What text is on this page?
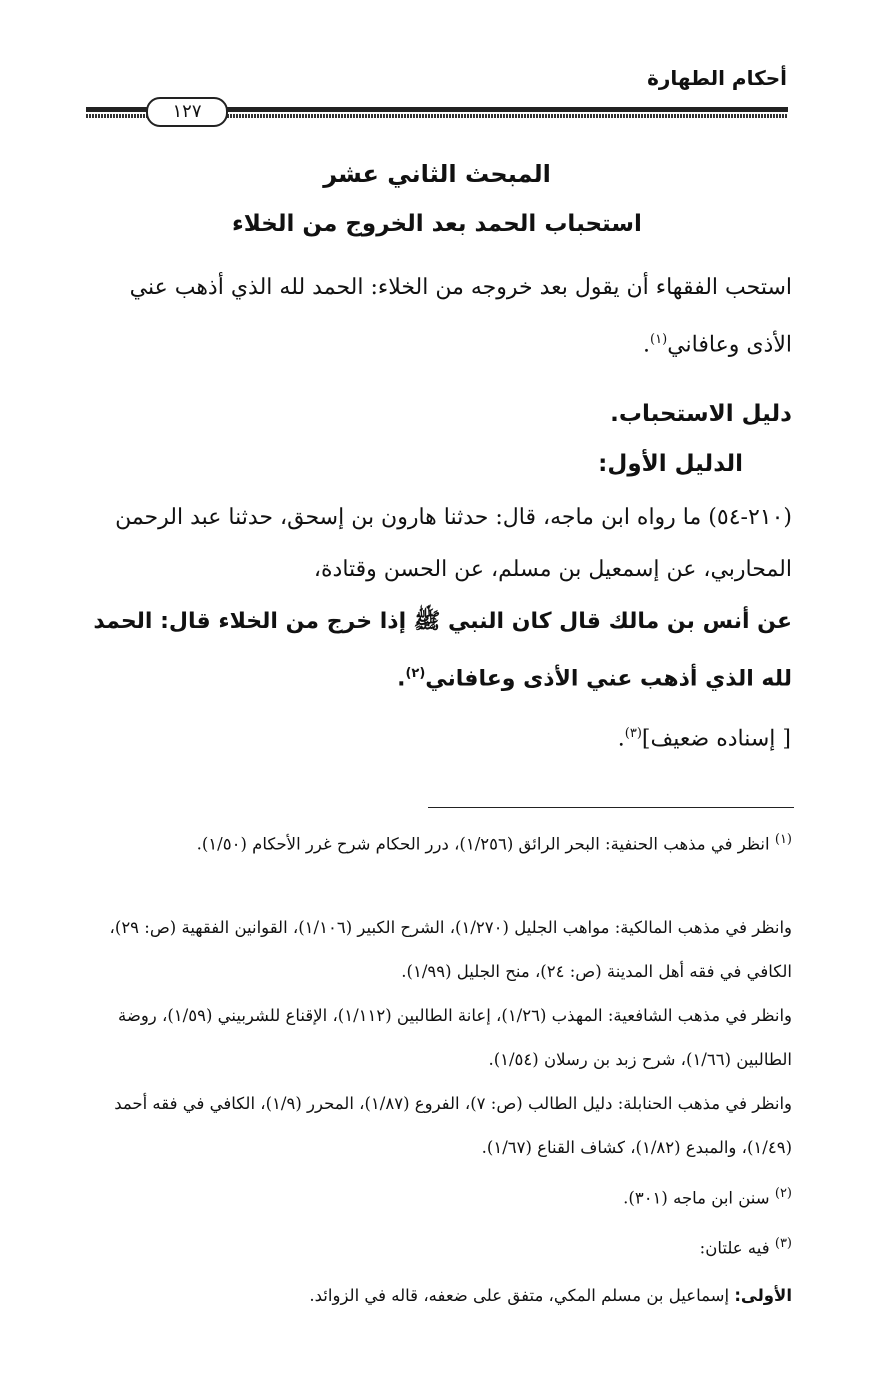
أحكام الطهارة
١٢٧
المبحث الثاني عشر
استحباب الحمد بعد الخروج من الخلاء
استحب الفقهاء أن يقول بعد خروجه من الخلاء: الحمد لله الذي أذهب عني الأذى وعافاني$^{(١)}$.
دليل الاستحباب.
الدليل الأول:
(٢١٠-٥٤) ما رواه ابن ماجه، قال: حدثنا هارون بن إسحق، حدثنا عبد الرحمن المحاربي، عن إسمعيل بن مسلم، عن الحسن وقتادة،
عن أنس بن مالك قال كان النبي ﷺ إذا خرج من الخلاء قال: الحمد لله الذي أذهب عني الأذى وعافاني$^{(٢)}$.
[ إسناده ضعيف]$^{(٣)}$.
$^{(١)}$ انظر في مذهب الحنفية: البحر الرائق (١/٢٥٦)، درر الحكام شرح غرر الأحكام (١/٥٠).
وانظر في مذهب المالكية: مواهب الجليل (١/٢٧٠)، الشرح الكبير (١/١٠٦)، القوانين الفقهية (ص: ٢٩)، الكافي في فقه أهل المدينة (ص: ٢٤)، منح الجليل (١/٩٩).
وانظر في مذهب الشافعية: المهذب (١/٢٦)، إعانة الطالبين (١/١١٢)، الإقناع للشربيني (١/٥٩)، روضة الطالبين (١/٦٦)، شرح زبد بن رسلان (١/٥٤).
وانظر في مذهب الحنابلة: دليل الطالب (ص: ٧)، الفروع (١/٨٧)، المحرر (١/٩)، الكافي في فقه أحمد (١/٤٩)، والمبدع (١/٨٢)، كشاف القناع (١/٦٧).
$^{(٢)}$ سنن ابن ماجه (٣٠١).
$^{(٣)}$ فيه علتان:
الأولى: إسماعيل بن مسلم المكي، متفق على ضعفه، قاله في الزوائد.
